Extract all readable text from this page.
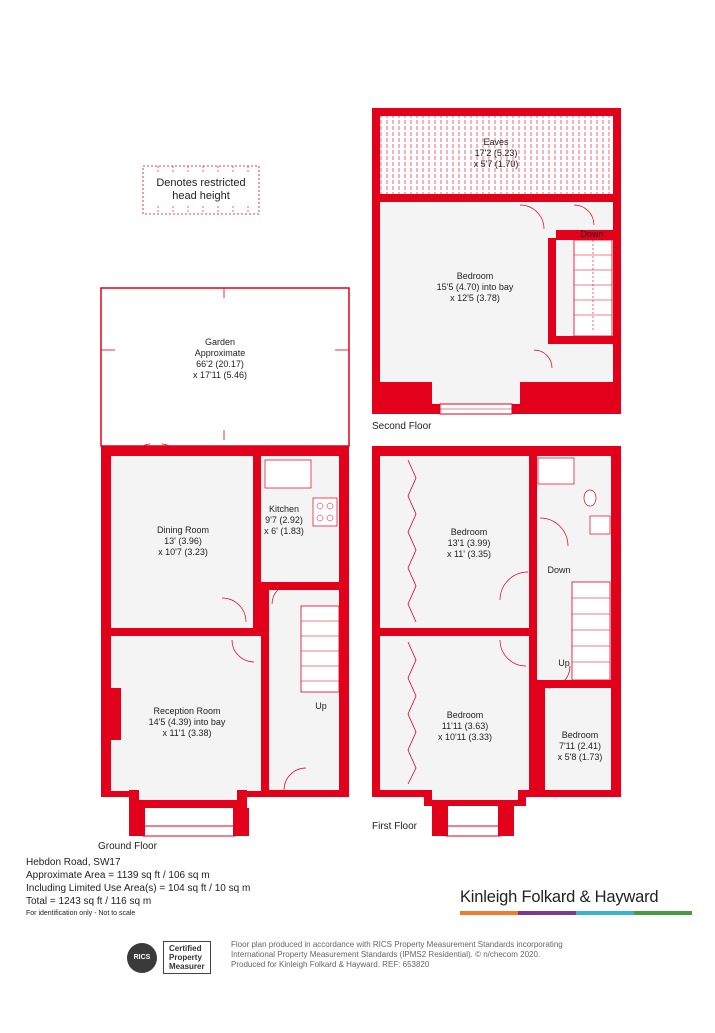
Denotes restricted
head height
Eaves
17'2 (5.23)
x 5'7 (1.70)
Bedroom
15'5 (4.70) into bay
x 12'5 (3.78)
Down
Second Floor
Garden
Approximate
66'2 (20.17)
x 17'11 (5.46)
Dining Room
13' (3.96)
x 10'7 (3.23)
Kitchen
9'7 (2.92)
x 6' (1.83)
Reception Room
14'5 (4.39) into bay
x 11'1 (3.38)
Up
Ground Floor
Bedroom
13'1 (3.99)
x 11' (3.35)
Bedroom
11'11 (3.63)
x 10'11 (3.33)	Bedroom
7'11 (2.41)
x 5'8 (1.73)
Down
Up
First Floor
Hebdon Road, SW17
Approximate Area = 1139 sq ft / 106 sq m
Including Limited Use Area(s) = 104 sq ft / 10 sq m
Total = 1243 sq ft / 116 sq m
For identification only - Not to scale
Kinleigh Folkard & Hayward
RICS
Certified
Property
Measurer
Floor plan produced in accordance with RICS Property Measurement Standards incorporating
International Property Measurement Standards (IPMS2 Residential). © n/checom 2020.
Produced for Kinleigh Folkard & Hayward. REF: 653820
